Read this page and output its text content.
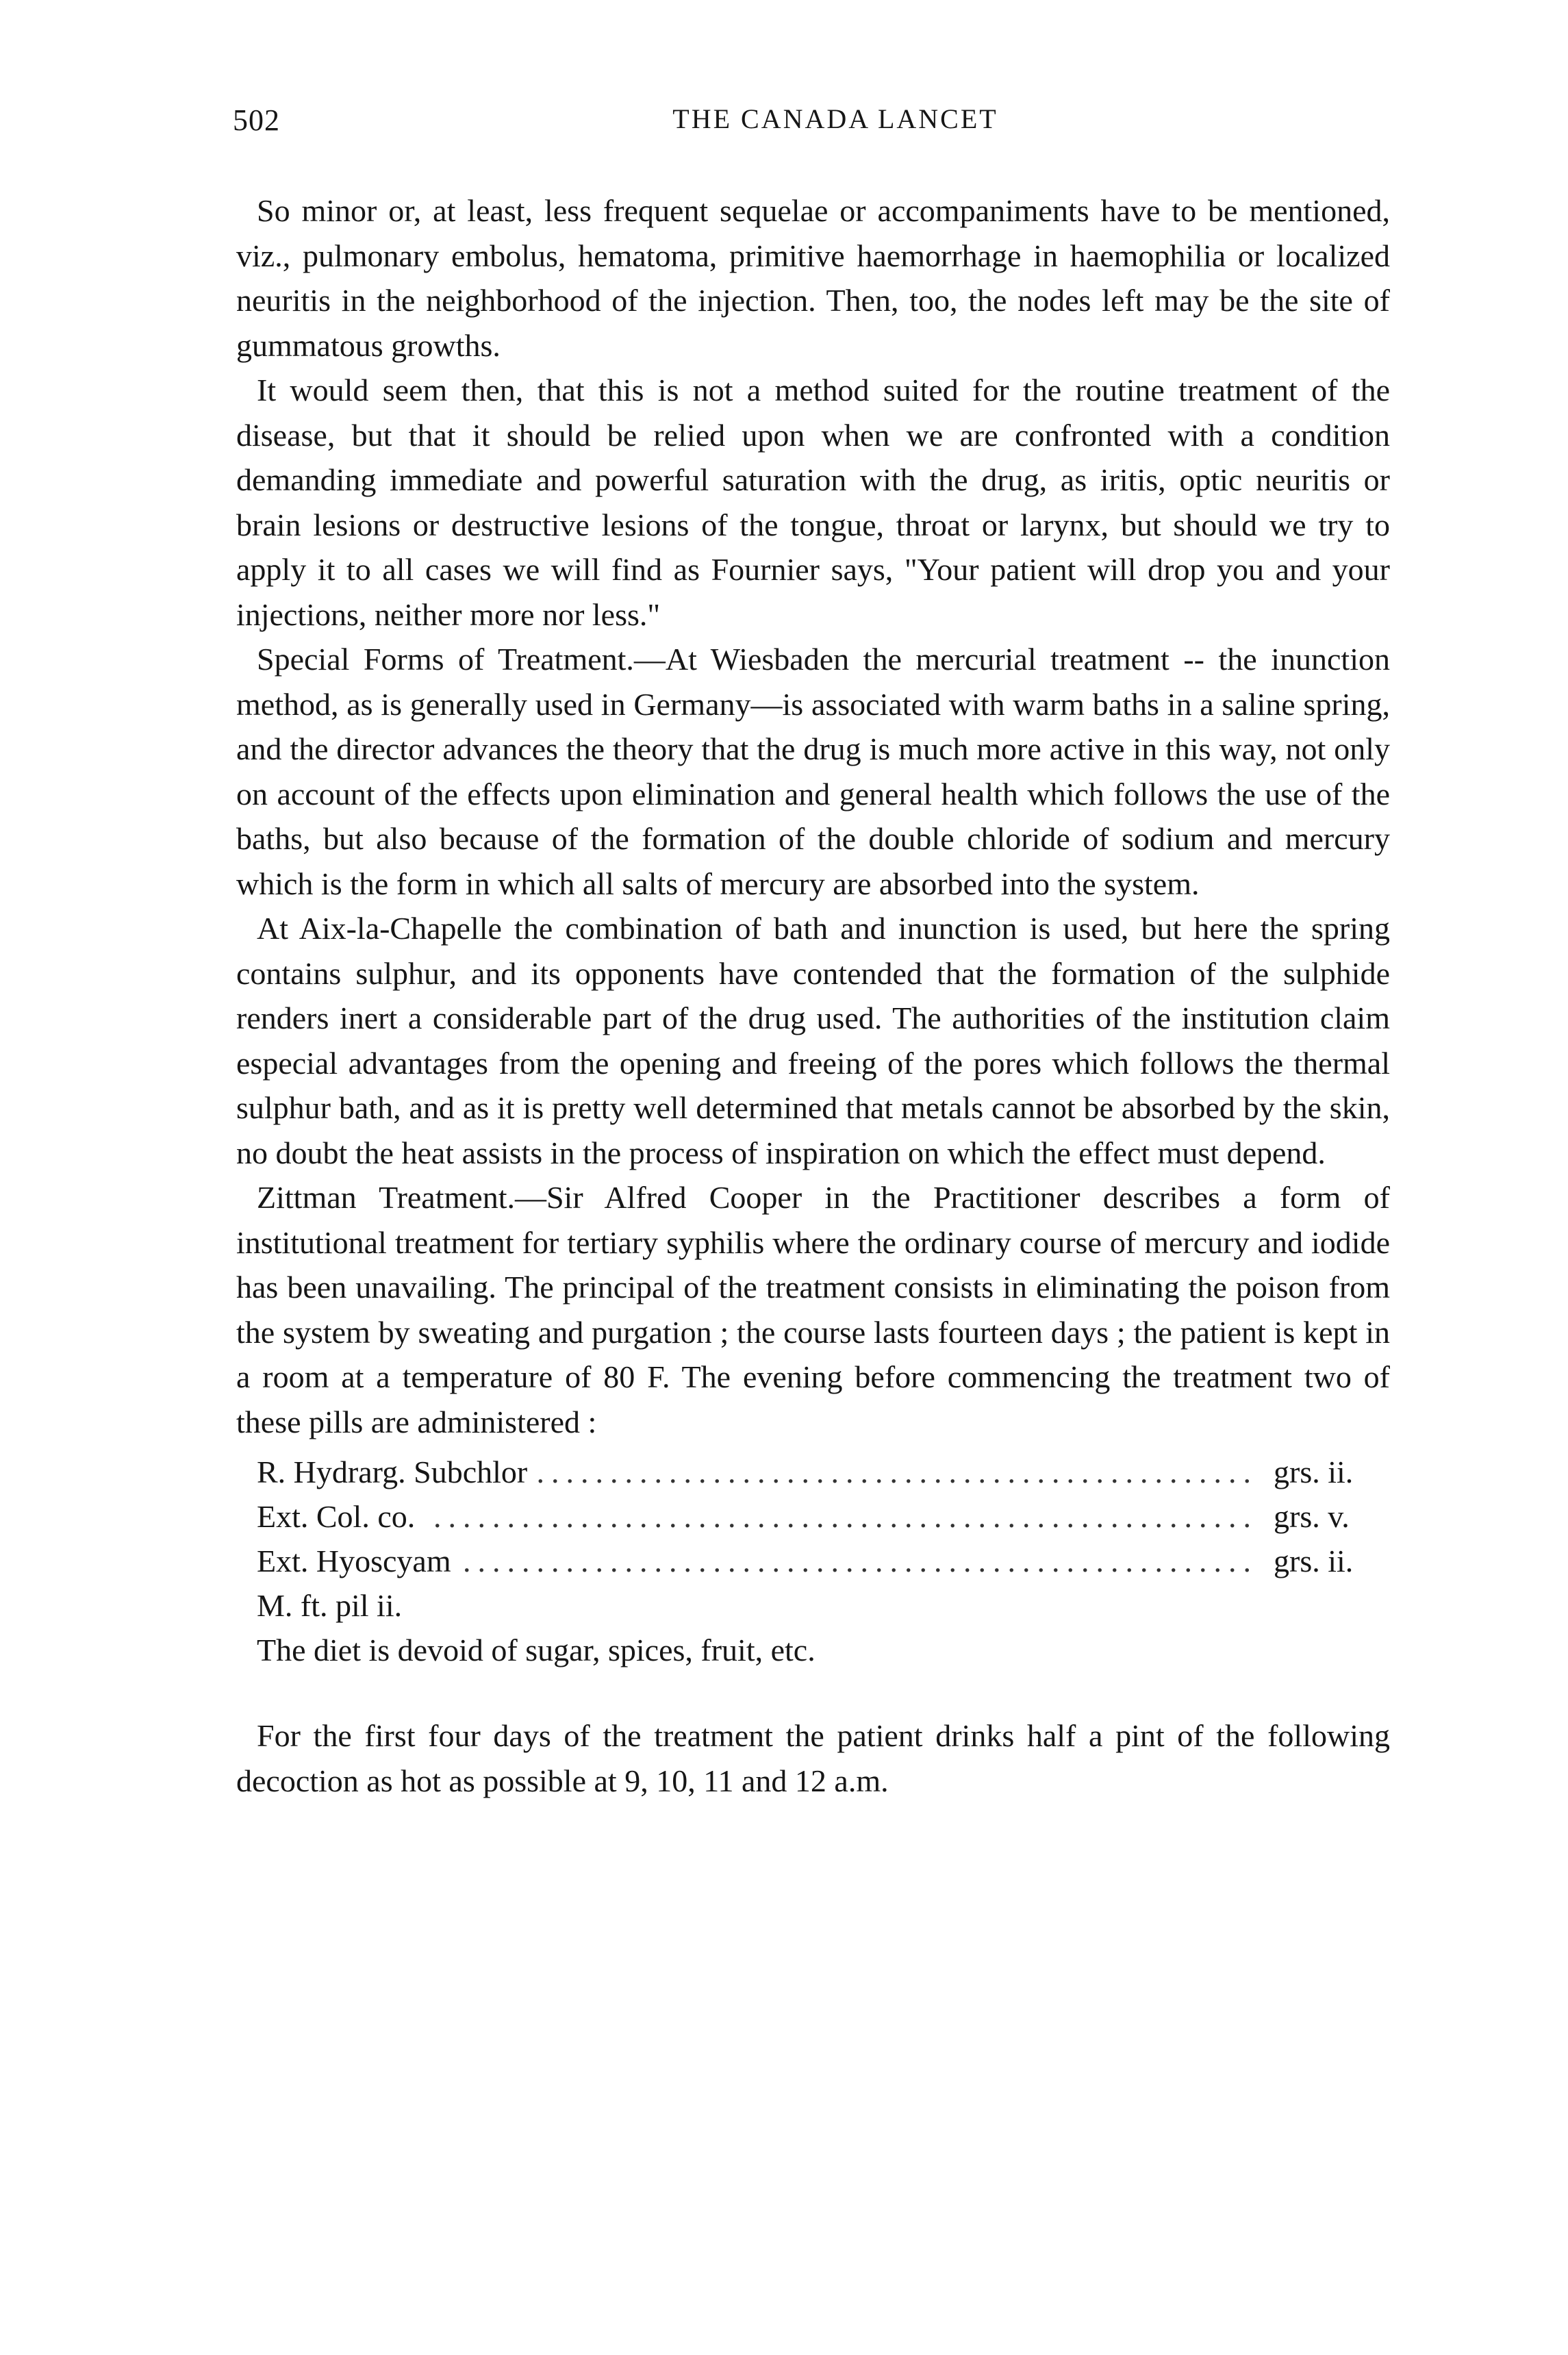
502	THE CANADA LANCET

So minor or, at least, less frequent sequelae or accompaniments have to be mentioned, viz., pulmonary embolus, hematoma, primitive haemorrhage in haemophilia or localized neuritis in the neighborhood of the injection. Then, too, the nodes left may be the site of gummatous growths.

It would seem then, that this is not a method suited for the routine treatment of the disease, but that it should be relied upon when we are confronted with a condition demanding immediate and powerful saturation with the drug, as iritis, optic neuritis or brain lesions or destructive lesions of the tongue, throat or larynx, but should we try to apply it to all cases we will find as Fournier says, "Your patient will drop you and your injections, neither more nor less."

Special Forms of Treatment.—At Wiesbaden the mercurial treatment -- the inunction method, as is generally used in Germany—is associated with warm baths in a saline spring, and the director advances the theory that the drug is much more active in this way, not only on account of the effects upon elimination and general health which follows the use of the baths, but also because of the formation of the double chloride of sodium and mercury which is the form in which all salts of mercury are absorbed into the system.

At Aix-la-Chapelle the combination of bath and inunction is used, but here the spring contains sulphur, and its opponents have contended that the formation of the sulphide renders inert a considerable part of the drug used. The authorities of the institution claim especial advantages from the opening and freeing of the pores which follows the thermal sulphur bath, and as it is pretty well determined that metals cannot be absorbed by the skin, no doubt the heat assists in the process of inspiration on which the effect must depend.

Zittman Treatment.—Sir Alfred Cooper in the Practitioner describes a form of institutional treatment for tertiary syphilis where the ordinary course of mercury and iodide has been unavailing. The principal of the treatment consists in eliminating the poison from the system by sweating and purgation ; the course lasts fourteen days ; the patient is kept in a room at a temperature of 80 F. The evening before commencing the treatment two of these pills are administered :

.....
R. Hydrarg. Subchlor	grs. ii.
.....
Ext. Col. co.	grs. v.
.....
Ext. Hyoscyam	grs. ii.
M. ft. pil ii.
The diet is devoid of sugar, spices, fruit, etc.

For the first four days of the treatment the patient drinks half a pint of the following decoction as hot as possible at 9, 10, 11 and 12 a.m.
